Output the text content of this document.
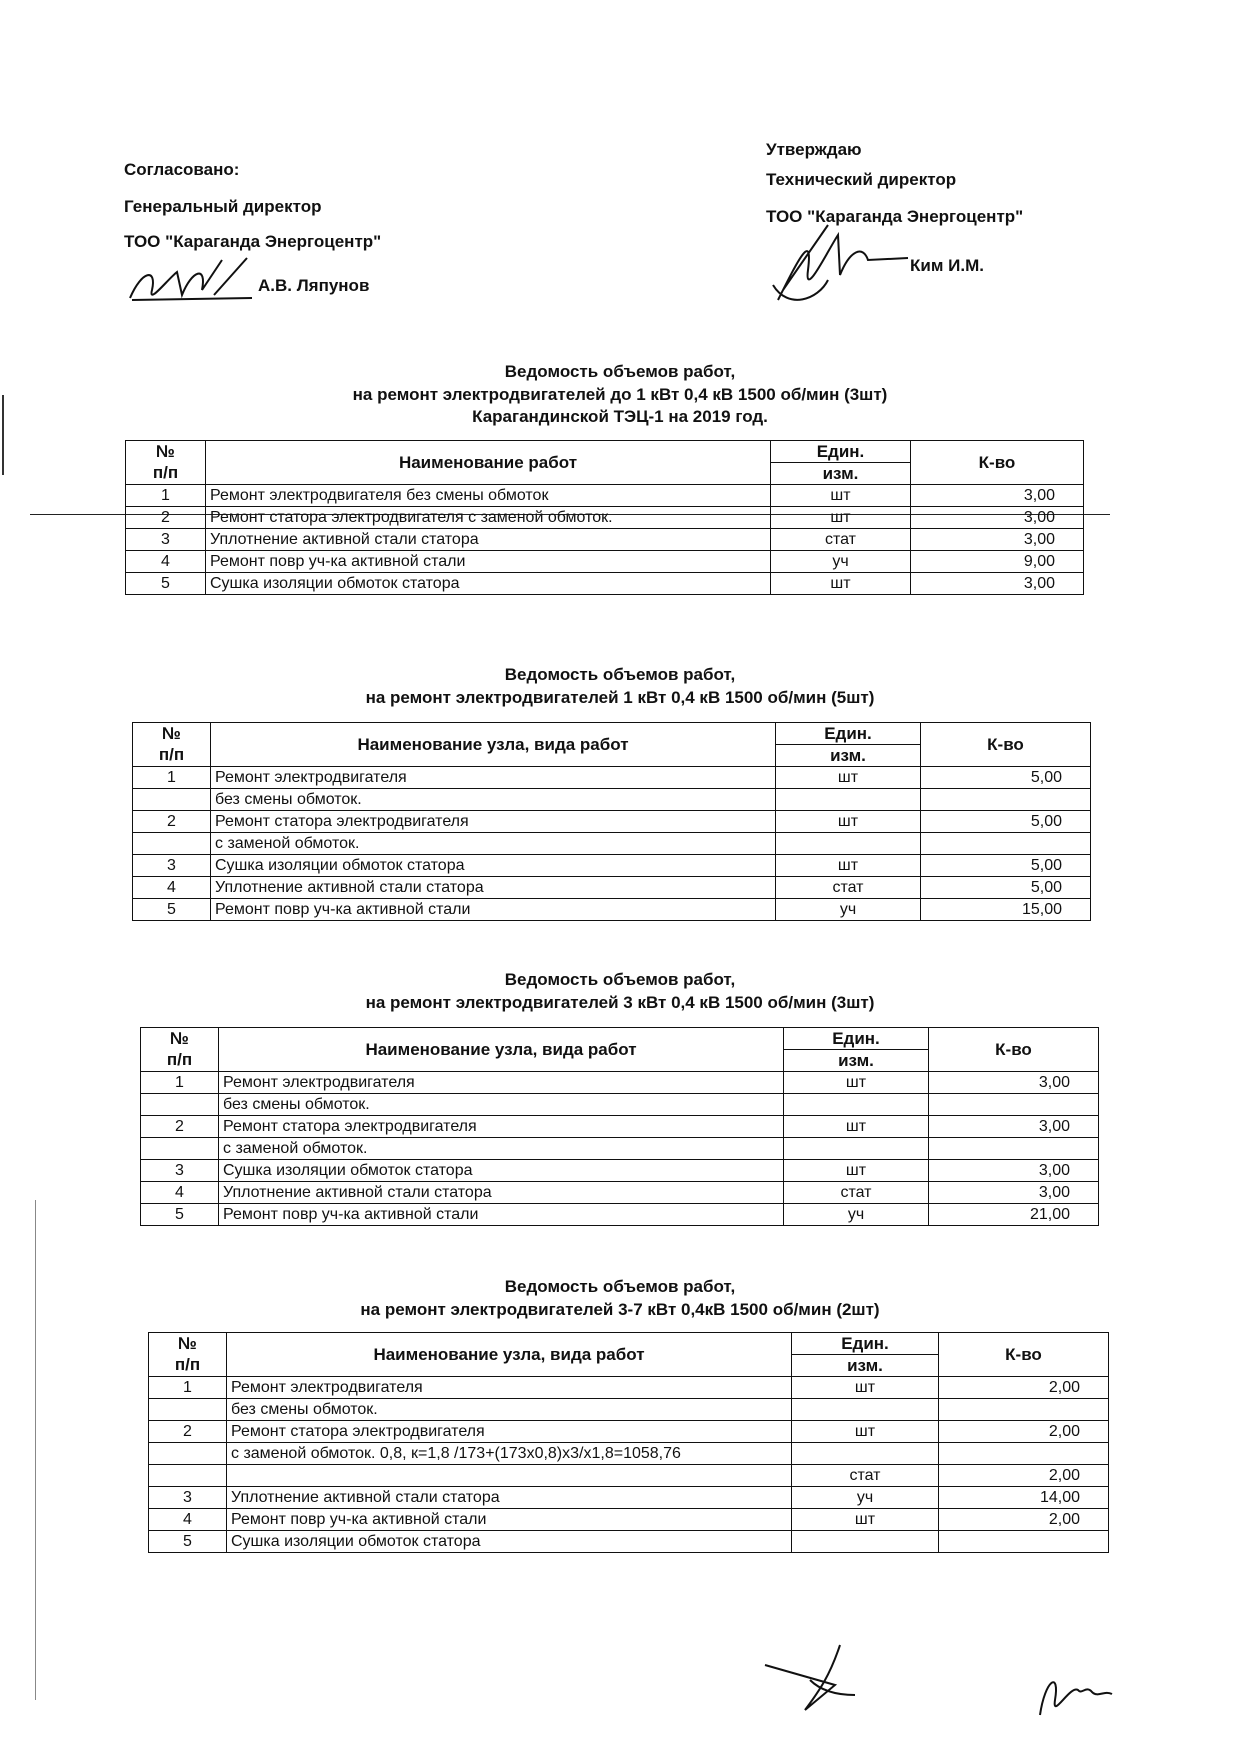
Согласовано:
Генеральный директор
ТОО "Караганда Энергоцентр"
А.В. Ляпунов
Утверждаю
Технический директор
ТОО "Караганда Энергоцентр"
Ким И.М.
Ведомость объемов работ,
на ремонт электродвигателей до 1 кВт 0,4 кВ 1500 об/мин (3шт)
Карагандинской ТЭЦ-1 на 2019 год.
№	Наименование работ	Един.	К-во
п/п		изм.	
1	Ремонт электродвигателя без смены обмоток	шт	3,00
2	Ремонт статора электродвигателя с заменой обмоток.	шт	3,00
3	Уплотнение активной стали статора	стат	3,00
4	Ремонт повр уч-ка активной стали	уч	9,00
5	Сушка изоляции обмоток статора	шт	3,00
Ведомость объемов работ,
на ремонт электродвигателей 1 кВт 0,4 кВ 1500 об/мин (5шт)
№	Наименование узла, вида работ	Един.	К-во
п/п		изм.	
1	Ремонт электродвигателя	шт	5,00
	без смены обмоток.		
2	Ремонт статора электродвигателя	шт	5,00
	с заменой обмоток.		
3	Сушка изоляции обмоток статора	шт	5,00
4	Уплотнение активной стали статора	стат	5,00
5	Ремонт повр уч-ка активной стали	уч	15,00
Ведомость объемов работ,
на ремонт электродвигателей 3 кВт 0,4 кВ 1500 об/мин (3шт)
№	Наименование узла, вида работ	Един.	К-во
п/п		изм.	
1	Ремонт электродвигателя	шт	3,00
	без смены обмоток.		
2	Ремонт статора электродвигателя	шт	3,00
	с заменой обмоток.		
3	Сушка изоляции обмоток статора	шт	3,00
4	Уплотнение активной стали статора	стат	3,00
5	Ремонт повр уч-ка активной стали	уч	21,00
Ведомость объемов работ,
на ремонт электродвигателей 3-7 кВт 0,4кВ 1500 об/мин (2шт)
№	Наименование узла, вида работ	Един.	К-во
п/п		изм.	
1	Ремонт электродвигателя	шт	2,00
	без смены обмоток.		
2	Ремонт статора электродвигателя	шт	2,00
	с заменой обмоток. 0,8, к=1,8 /173+(173х0,8)х3/х1,8=1058,76		
		стат	2,00
3	Уплотнение активной стали статора	уч	14,00
4	Ремонт повр уч-ка активной стали	шт	2,00
5	Сушка изоляции обмоток статора		
